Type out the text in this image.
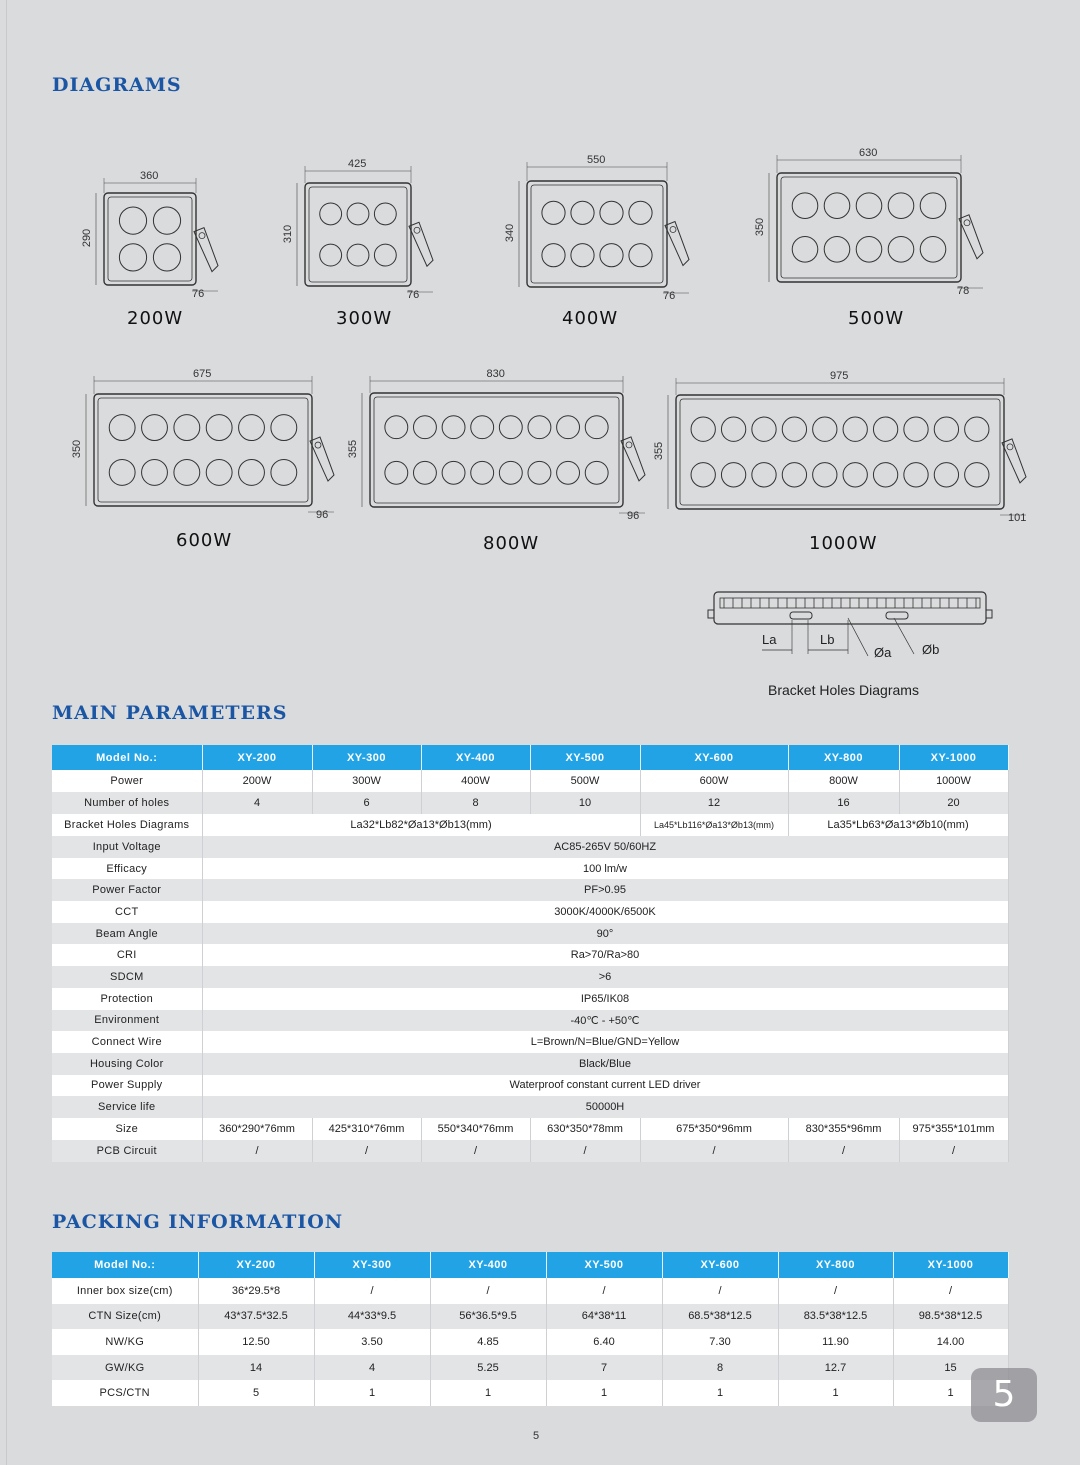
DIAGRAMS
360
290
76
200W
425
310
76
300W
550
340
76
400W
630
350
78
500W
675
350
96
600W
830
355
96
800W
975
355
101
1000W
La	Lb
Øa Øb
Bracket Holes Diagrams
MAIN PARAMETERS
Model No.:	XY-200	XY-300	XY-400	XY-500	XY-600	XY-800	XY-1000
Power	200W	300W	400W	500W	600W	800W	1000W
Number of holes	4	6	8	10	12	16	20
Bracket Holes Diagrams	La32*Lb82*Øa13*Øb13(mm)				La45*Lb116*Øa13*Øb13(mm)	La35*Lb63*Øa13*Øb10(mm)	
Input Voltage	AC85-265V 50/60HZ						
Efficacy	100 lm/w						
Power Factor	PF>0.95						
CCT	3000K/4000K/6500K						
Beam Angle	90°						
CRI	Ra>70/Ra>80						
SDCM	>6						
Protection	IP65/IK08						
Environment	-40℃ - +50℃						
Connect Wire	L=Brown/N=Blue/GND=Yellow						
Housing Color	Black/Blue						
Power Supply	Waterproof constant current LED driver						
Service life	50000H						
Size	360*290*76mm	425*310*76mm	550*340*76mm	630*350*78mm	675*350*96mm	830*355*96mm	975*355*101mm
PCB Circuit	/	/	/	/	/	/	/
PACKING INFORMATION
Model No.:	XY-200	XY-300	XY-400	XY-500	XY-600	XY-800	XY-1000
Inner box size(cm)	36*29.5*8	/	/	/	/	/	/
CTN Size(cm)	43*37.5*32.5	44*33*9.5	56*36.5*9.5	64*38*11	68.5*38*12.5	83.5*38*12.5	98.5*38*12.5
NW/KG	12.50	3.50	4.85	6.40	7.30	11.90	14.00
GW/KG	14	4	5.25	7	8	12.7	15
PCS/CTN	5	1	1	1	1	1	1
5
5
